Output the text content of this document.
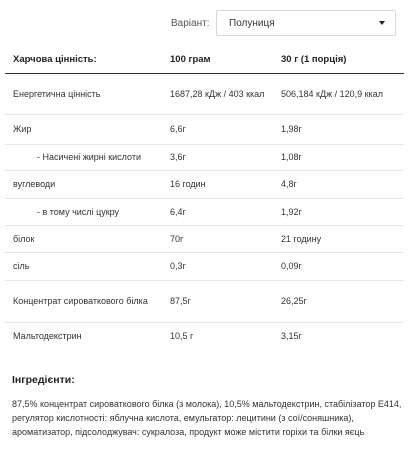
Варіант: Полуниця
Харчова цінність:	100 грам	30 г (1 порція)
Енергетична цінність	1687,28 кДж / 403 ккал	506,184 кДж / 120,9 ккал
Жир	6,6г	1,98г
- Насичені жирні кислоти	3,6г	1,08г
вуглеводи	16 годин	4,8г
- в тому числі цукру	6,4г	1,92г
білок	70г	21 годину
сіль	0,3г	0,09г
Концентрат сироваткового білка	87,5г	26,25г
Мальтодекстрин	10,5 г	3,15г
Інгредієнти:
87,5% концентрат сироваткового білка (з молока), 10,5% мальтодекстрин, стабілізатор E414, регулятор кислотності: яблучна кислота, емульгатор: лецитини (з сої/соняшника), ароматизатор, підсолоджувач: сукралоза, продукт може містити горіхи та білки яєць
